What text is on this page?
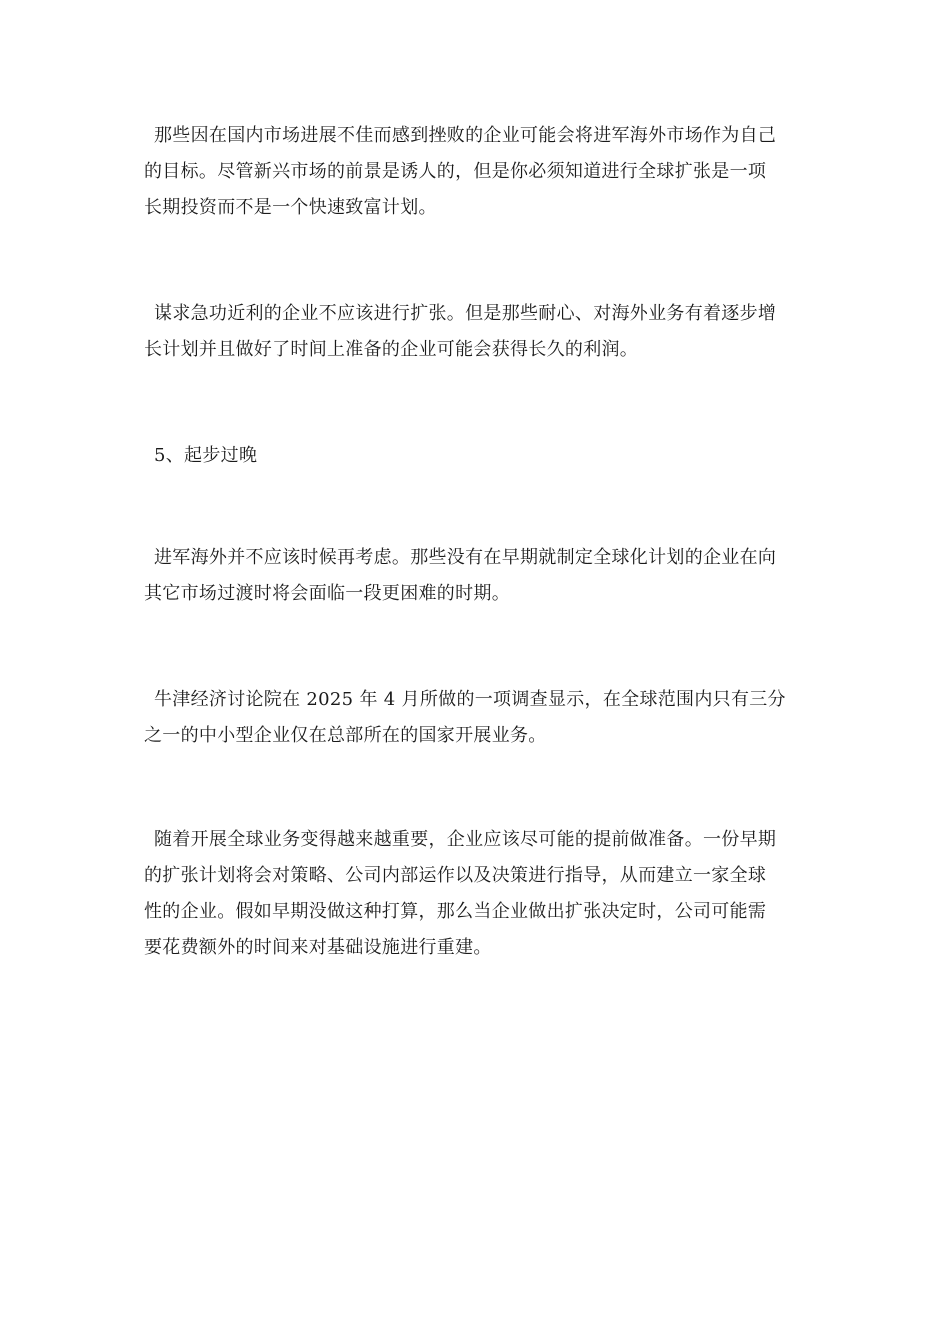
那些因在国内市场进展不佳而感到挫败的企业可能会将进军海外市场作为自己
的目标。尽管新兴市场的前景是诱人的，但是你必须知道进行全球扩张是一项
长期投资而不是一个快速致富计划。
谋求急功近利的企业不应该进行扩张。但是那些耐心、对海外业务有着逐步增
长计划并且做好了时间上准备的企业可能会获得长久的利润。
5、起步过晚
进军海外并不应该时候再考虑。那些没有在早期就制定全球化计划的企业在向
其它市场过渡时将会面临一段更困难的时期。
牛津经济讨论院在 2025 年 4 月所做的一项调查显示，在全球范围内只有三分
之一的中小型企业仅在总部所在的国家开展业务。
随着开展全球业务变得越来越重要，企业应该尽可能的提前做准备。一份早期
的扩张计划将会对策略、公司内部运作以及决策进行指导，从而建立一家全球
性的企业。假如早期没做这种打算，那么当企业做出扩张决定时，公司可能需
要花费额外的时间来对基础设施进行重建。
